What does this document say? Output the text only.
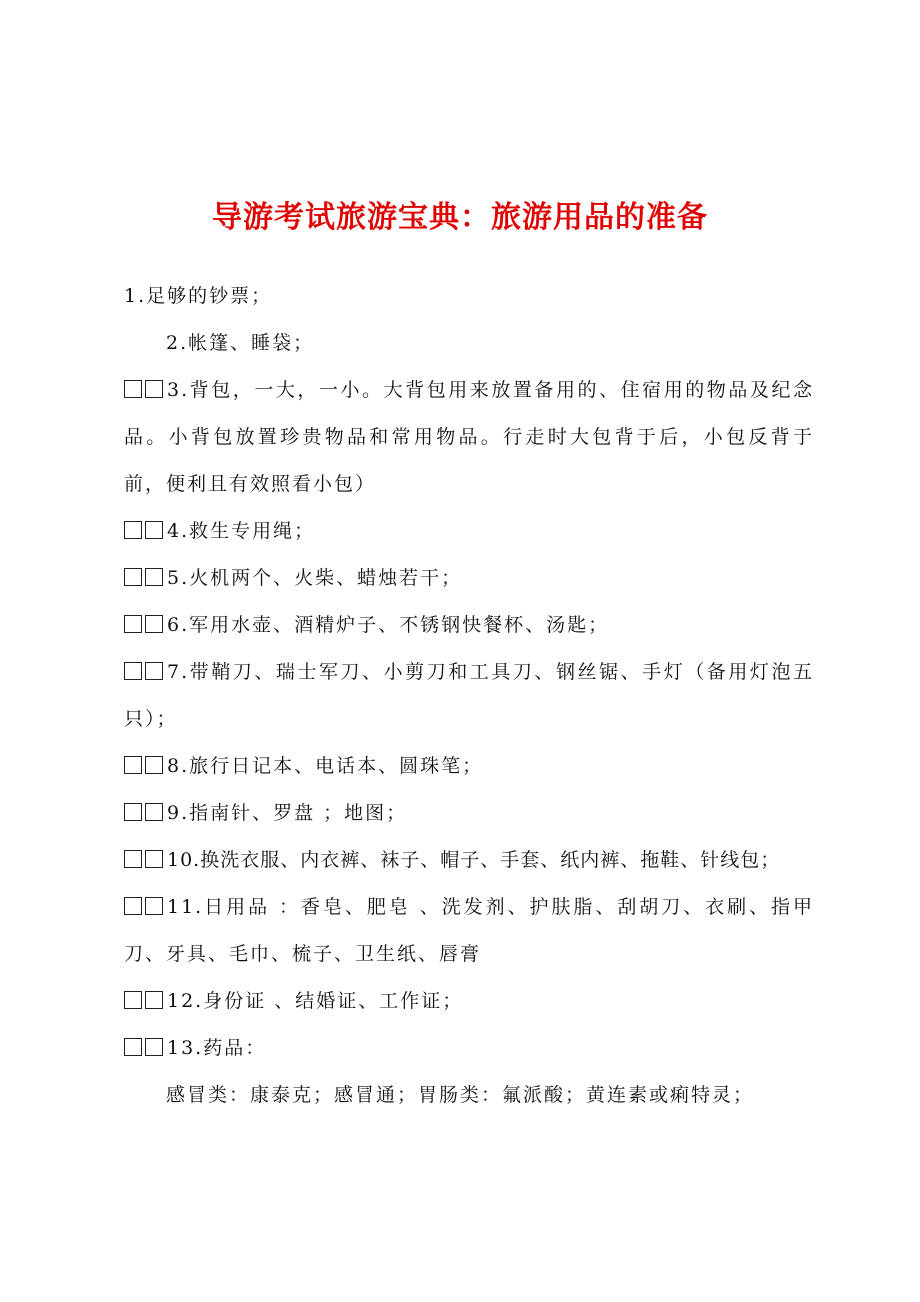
导游考试旅游宝典：旅游用品的准备
1.足够的钞票；
2.帐篷、睡袋；
3.背包，一大，一小。大背包用来放置备用的、住宿用的物品及纪念品。小背包放置珍贵物品和常用物品。行走时大包背于后，小包反背于前，便利且有效照看小包）
4.救生专用绳；
5.火机两个、火柴、蜡烛若干；
6.军用水壶、酒精炉子、不锈钢快餐杯、汤匙；
7.带鞘刀、瑞士军刀、小剪刀和工具刀、钢丝锯、手灯（备用灯泡五只）；
8.旅行日记本、电话本、圆珠笔；
9.指南针、罗盘 ；地图；
10.换洗衣服、内衣裤、袜子、帽子、手套、纸内裤、拖鞋、针线包；
11.日用品 ：香皂、肥皂 、洗发剂、护肤脂、刮胡刀、衣刷、指甲刀、牙具、毛巾、梳子、卫生纸、唇膏
12.身份证 、结婚证、工作证；
13.药品：
感冒类：康泰克；感冒通；胃肠类：氟派酸；黄连素或痢特灵；
